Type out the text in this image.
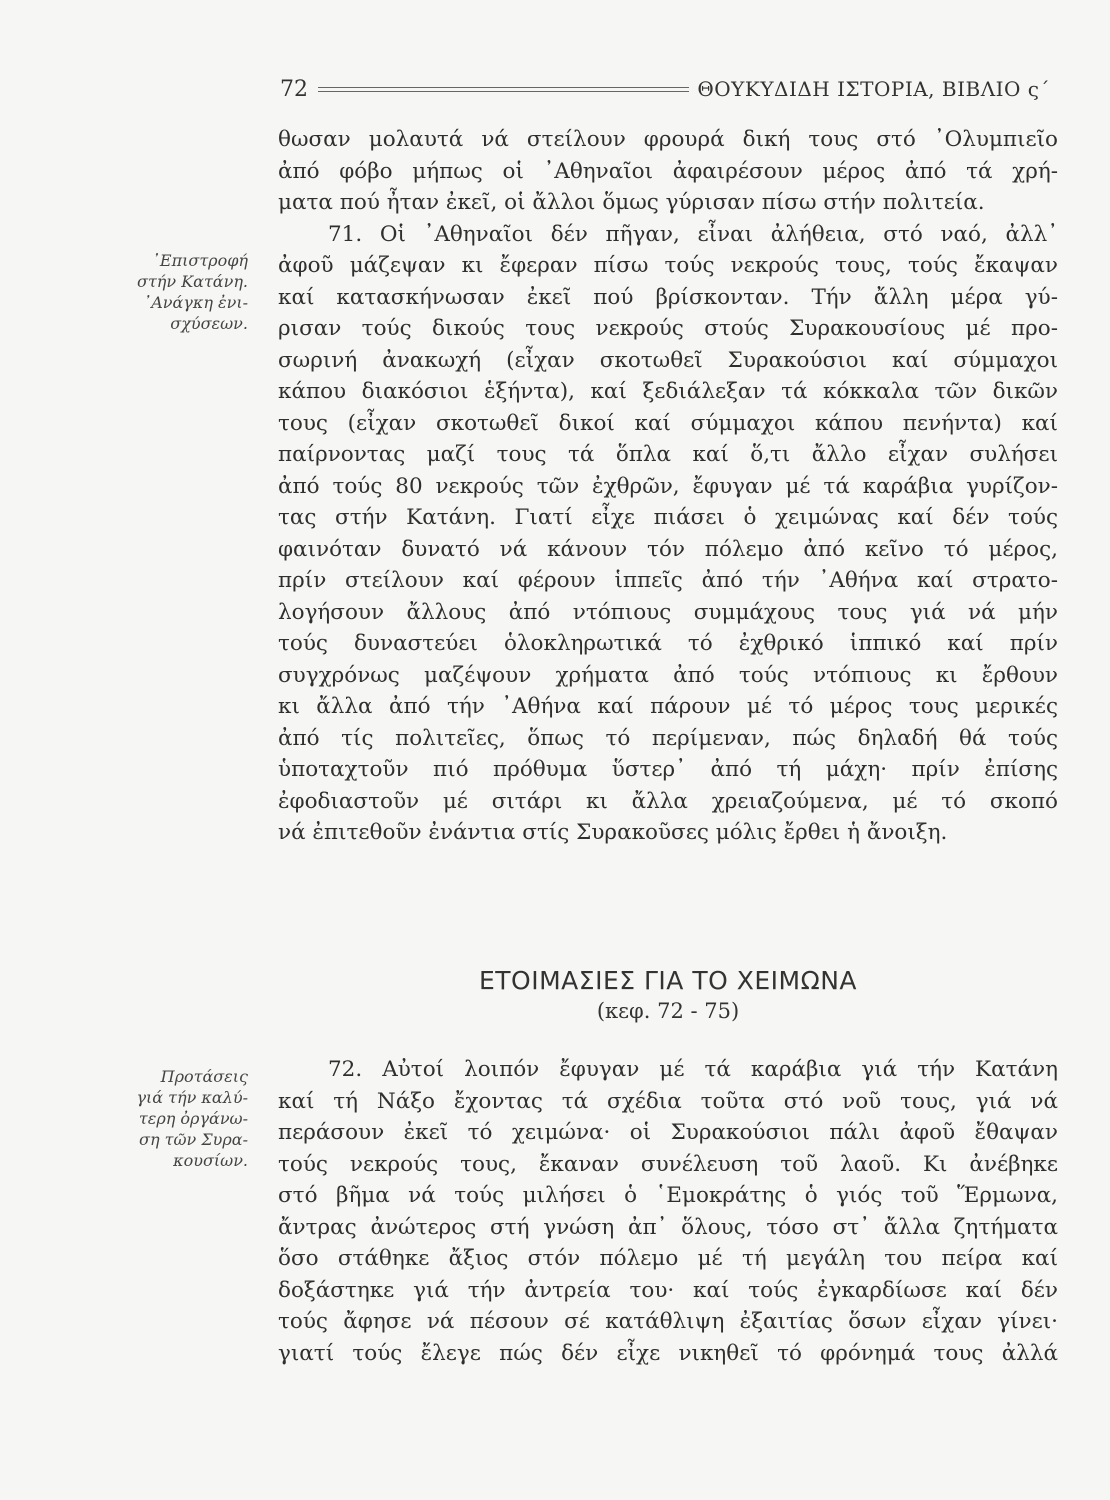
72	ΘΟΥΚΥΔΙΔΗ ΙΣΤΟΡΙΑ, ΒΙΒΛΙΟ ς΄
᾿Επιστροφή
στήν Κατάνη.
᾿Ανάγκη ἐνι-
σχύσεων.
Προτάσεις
γιά τήν καλύ-
τερη ὀργάνω-
ση τῶν Συρα-
κουσίων.
θωσαν μολαυτά νά στείλουν φρουρά δική τους στό ᾿Ολυμπιεῖο
ἀπό φόβο μήπως οἱ ᾿Αθηναῖοι ἀφαιρέσουν μέρος ἀπό τά χρή-
ματα πού ἦταν ἐκεῖ, οἱ ἄλλοι ὅμως γύρισαν πίσω στήν πολιτεία.
71. Οἱ ᾿Αθηναῖοι δέν πῆγαν, εἶναι ἀλήθεια, στό ναό, ἀλλ᾿
ἀφοῦ μάζεψαν κι ἔφεραν πίσω τούς νεκρούς τους, τούς ἔκαψαν
καί κατασκήνωσαν ἐκεῖ πού βρίσκονταν. Τήν ἄλλη μέρα γύ-
ρισαν τούς δικούς τους νεκρούς στούς Συρακουσίους μέ προ-
σωρινή ἀνακωχή (εἶχαν σκοτωθεῖ Συρακούσιοι καί σύμμαχοι
κάπου διακόσιοι ἑξήντα), καί ξεδιάλεξαν τά κόκκαλα τῶν δικῶν
τους (εἶχαν σκοτωθεῖ δικοί καί σύμμαχοι κάπου πενήντα) καί
παίρνοντας μαζί τους τά ὅπλα καί ὅ,τι ἄλλο εἶχαν συλήσει
ἀπό τούς 80 νεκρούς τῶν ἐχθρῶν, ἔφυγαν μέ τά καράβια γυρίζον-
τας στήν Κατάνη. Γιατί εἶχε πιάσει ὁ χειμώνας καί δέν τούς
φαινόταν δυνατό νά κάνουν τόν πόλεμο ἀπό κεῖνο τό μέρος,
πρίν στείλουν καί φέρουν ἱππεῖς ἀπό τήν ᾿Αθήνα καί στρατο-
λογήσουν ἄλλους ἀπό ντόπιους συμμάχους τους γιά νά μήν
τούς δυναστεύει ὁλοκληρωτικά τό ἐχθρικό ἱππικό καί πρίν
συγχρόνως μαζέψουν χρήματα ἀπό τούς ντόπιους κι ἔρθουν
κι ἄλλα ἀπό τήν ᾿Αθήνα καί πάρουν μέ τό μέρος τους μερικές
ἀπό τίς πολιτεῖες, ὅπως τό περίμεναν, πώς δηλαδή θά τούς
ὑποταχτοῦν πιό πρόθυμα ὕστερ᾿ ἀπό τή μάχη· πρίν ἐπίσης
ἐφοδιαστοῦν μέ σιτάρι κι ἄλλα χρειαζούμενα, μέ τό σκοπό
νά ἐπιτεθοῦν ἐνάντια στίς Συρακοῦσες μόλις ἔρθει ἡ ἄνοιξη.
ΕΤΟΙΜΑΣΙΕΣ ΓΙΑ ΤΟ ΧΕΙΜΩΝΑ
(κεφ. 72 - 75)
72. Αὐτοί λοιπόν ἔφυγαν μέ τά καράβια γιά τήν Κατάνη
καί τή Νάξο ἔχοντας τά σχέδια τοῦτα στό νοῦ τους, γιά νά
περάσουν ἐκεῖ τό χειμώνα· οἱ Συρακούσιοι πάλι ἀφοῦ ἔθαψαν
τούς νεκρούς τους, ἔκαναν συνέλευση τοῦ λαοῦ. Κι ἀνέβηκε
στό βῆμα νά τούς μιλήσει ὁ ῾Εμοκράτης ὁ γιός τοῦ Ἕρμωνα,
ἄντρας ἀνώτερος στή γνώση ἀπ᾿ ὅλους, τόσο στ᾿ ἄλλα ζητήματα
ὅσο στάθηκε ἄξιος στόν πόλεμο μέ τή μεγάλη του πείρα καί
δοξάστηκε γιά τήν ἀντρεία του· καί τούς ἐγκαρδίωσε καί δέν
τούς ἄφησε νά πέσουν σέ κατάθλιψη ἐξαιτίας ὅσων εἶχαν γίνει·
γιατί τούς ἔλεγε πώς δέν εἶχε νικηθεῖ τό φρόνημά τους ἀλλά
